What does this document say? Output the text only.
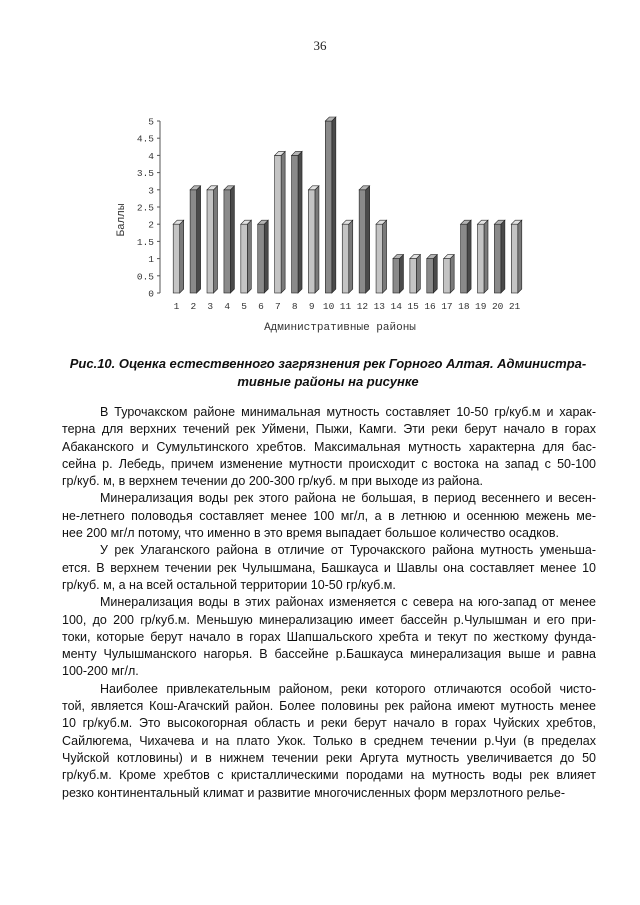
36
0
0.5
1
1.5
2
2.5
3
3.5
4
4.5
5
1 2 3 4 5 6 7 8 9 10 11 12 13 14 15 16 17 18 19 20 21
Баллы
Административные районы
Рис.10. Оценка естественного загрязнения рек Горного Алтая. Администра-
тивные районы на рисунке

В Турочакском районе минимальная мутность составляет 10-50 гр/куб.м и харак-
терна для верхних течений рек Уймени, Пыжи, Камги. Эти реки берут начало в горах
Абаканского и Сумультинского хребтов. Максимальная мутность характерна для бас-
сейна р. Лебедь, причем изменение мутности происходит с востока на запад с 50-100
гр/куб. м, в верхнем течении до 200-300 гр/куб. м при выходе из района.

Минерализация воды рек этого района не большая, в период весеннего и весен-
не-летнего половодья составляет менее 100 мг/л, а в летнюю и осеннюю межень ме-
нее 200 мг/л потому, что именно в это время выпадает большое количество осадков.

У рек Улаганского района в отличие от Турочакского района мутность уменьша-
ется. В верхнем течении рек Чулышмана, Башкауса и Шавлы она составляет менее 10
гр/куб. м, а на всей остальной территории 10-50 гр/куб.м.

Минерализация воды в этих районах изменяется с севера на юго-запад от менее
100, до 200 гр/куб.м. Меньшую минерализацию имеет бассейн р.Чулышман и его при-
токи, которые берут начало в горах Шапшальского хребта и текут по жесткому фунда-
менту Чулышманского нагорья. В бассейне р.Башкауса минерализация выше и равна
100-200 мг/л.

Наиболее привлекательным районом, реки которого отличаются особой чисто-
той, является Кош-Агачский район. Более половины рек района имеют мутность менее
10 гр/куб.м. Это высокогорная область и реки берут начало в горах Чуйских хребтов,
Сайлюгема, Чихачева и на плато Укок. Только в среднем течении р.Чуи (в пределах
Чуйской котловины) и в нижнем течении реки Аргута мутность увеличивается до 50
гр/куб.м. Кроме хребтов с кристаллическими породами на мутность воды рек влияет
резко континентальный климат и развитие многочисленных форм мерзлотного релье-
